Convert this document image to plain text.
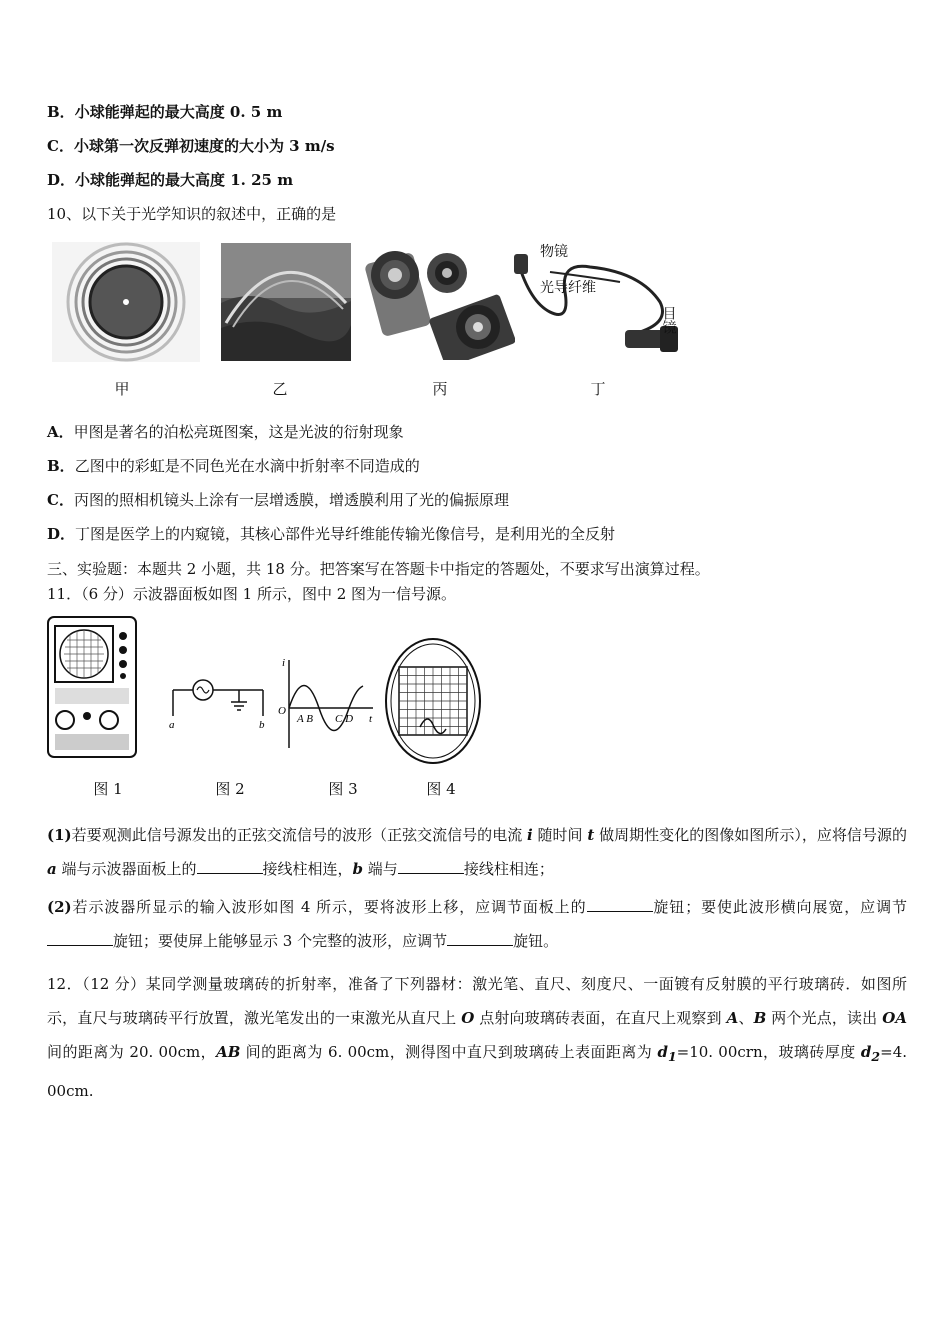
B．小球能弹起的最大高度 0. 5 m
C．小球第一次反弹初速度的大小为 3 m/s
D．小球能弹起的最大高度 1. 25 m
10、以下关于光学知识的叙述中，正确的是
甲	乙	丙
物镜
光导纤维
目镜
丁
A．甲图是著名的泊松亮斑图案，这是光波的衍射现象
B．乙图中的彩虹是不同色光在水滴中折射率不同造成的
C．丙图的照相机镜头上涂有一层增透膜，增透膜利用了光的偏振原理
D．丁图是医学上的内窥镜，其核心部件光导纤维能传输光像信号，是利用光的全反射
三、实验题：本题共 2 小题，共 18 分。把答案写在答题卡中指定的答题处，不要求写出演算过程。
11．（6 分）示波器面板如图 1 所示，图中 2 图为一信号源。
图 1
a	b
图 2
i
O
t
A B C D
图 3	图 4
(1)若要观测此信号源发出的正弦交流信号的波形（正弦交流信号的电流 i 随时间 t 做周期性变化的图像如图所示），应将信号源的 a 端与示波器面板上的	接线柱相连，b 端与	接线柱相连；
(2)若示波器所显示的输入波形如图 4 所示，要将波形上移，应调节面板上的	旋钮；要使此波形横向展宽，应调节旋钮；要使屏上能够显示 3 个完整的波形，应调节	旋钮。
12．（12 分）某同学测量玻璃砖的折射率，准备了下列器材：激光笔、直尺、刻度尺、一面镀有反射膜的平行玻璃砖．如图所示，直尺与玻璃砖平行放置，激光笔发出的一束激光从直尺上 O 点射向玻璃砖表面，在直尺上观察到 A、B 两个光点，读出 OA 间的距离为 20. 00cm，AB 间的距离为 6. 00cm，测得图中直尺到玻璃砖上表面距离为 $d_1=10$. 00crn，玻璃砖厚度 $d_2=4$. 00cm.
